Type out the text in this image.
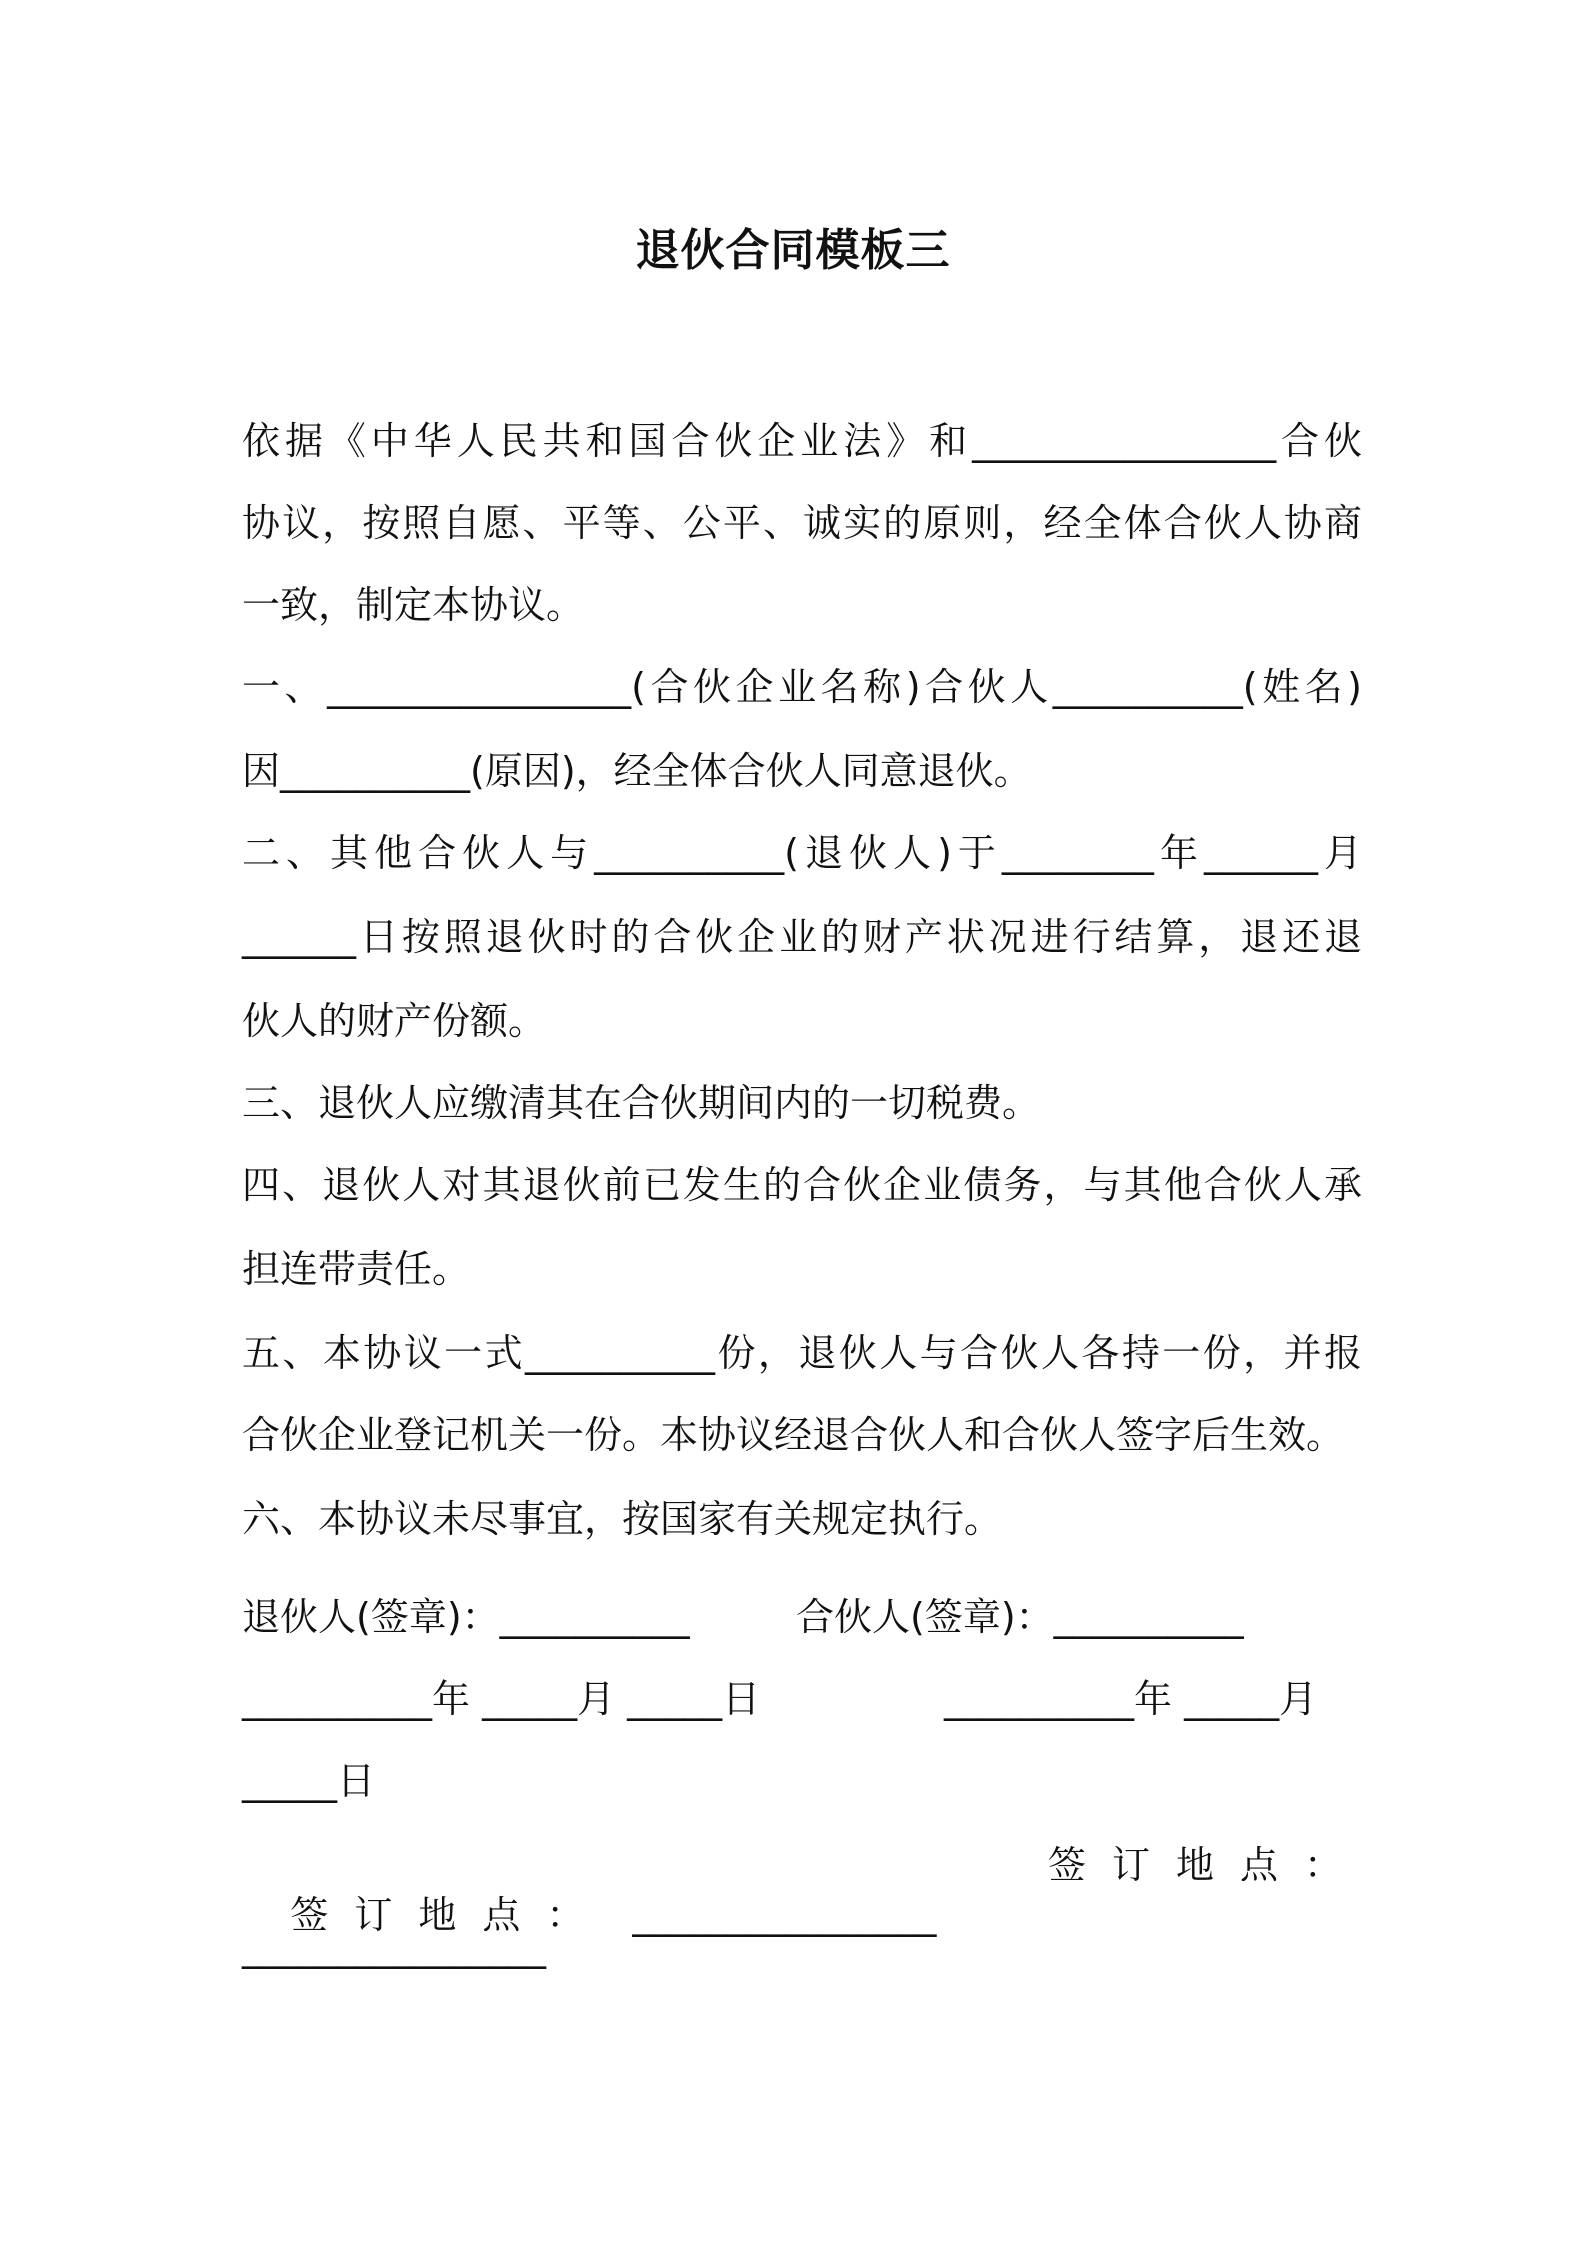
退伙合同模板三

依据《中华人民共和国合伙企业法》和________________合伙

协议，按照自愿、平等、公平、诚实的原则，经全体合伙人协商

一致，制定本协议。

一、________________(合伙企业名称)合伙人__________(姓名)

因__________(原因)，经全体合伙人同意退伙。

二、其他合伙人与__________(退伙人)于________年______月

______日按照退伙时的合伙企业的财产状况进行结算，退还退

伙人的财产份额。

三、退伙人应缴清其在合伙期间内的一切税费。

四、退伙人对其退伙前已发生的合伙企业债务，与其他合伙人承

担连带责任。

五、本协议一式__________份，退伙人与合伙人各持一份，并报

合伙企业登记机关一份。本协议经退合伙人和合伙人签字后生效。

六、本协议未尽事宜，按国家有关规定执行。

退伙人(签章)：__________	合伙人(签章)：__________
__________年 _____月 _____日	__________年 _____月
_____日

签订地点： ________________

签订地点：
________________
